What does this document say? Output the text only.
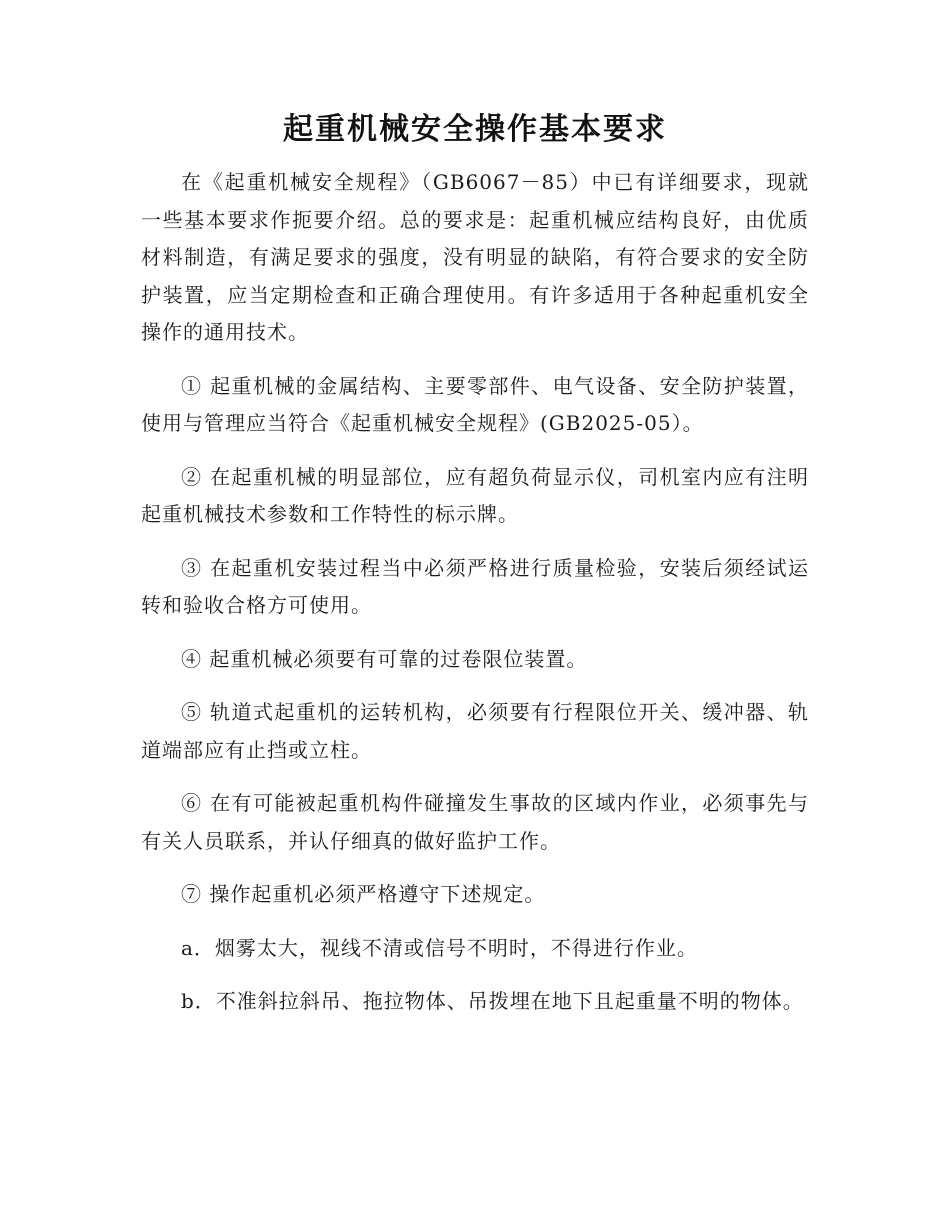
起重机械安全操作基本要求

在《起重机械安全规程》（GB6067－85）中已有详细要求，现就一些基本要求作扼要介绍。总的要求是：起重机械应结构良好，由优质材料制造，有满足要求的强度，没有明显的缺陷，有符合要求的安全防护装置，应当定期检查和正确合理使用。有许多适用于各种起重机安全操作的通用技术。

① 起重机械的金属结构、主要零部件、电气设备、安全防护装置，使用与管理应当符合《起重机械安全规程》(GB2025-05）。

② 在起重机械的明显部位，应有超负荷显示仪，司机室内应有注明起重机械技术参数和工作特性的标示牌。

③ 在起重机安装过程当中必须严格进行质量检验，安装后须经试运转和验收合格方可使用。

④ 起重机械必须要有可靠的过卷限位装置。

⑤ 轨道式起重机的运转机构，必须要有行程限位开关、缓冲器、轨道端部应有止挡或立柱。

⑥ 在有可能被起重机构件碰撞发生事故的区域内作业，必须事先与有关人员联系，并认仔细真的做好监护工作。

⑦ 操作起重机必须严格遵守下述规定。

a．烟雾太大，视线不清或信号不明时，不得进行作业。

b．不准斜拉斜吊、拖拉物体、吊拨埋在地下且起重量不明的物体。
